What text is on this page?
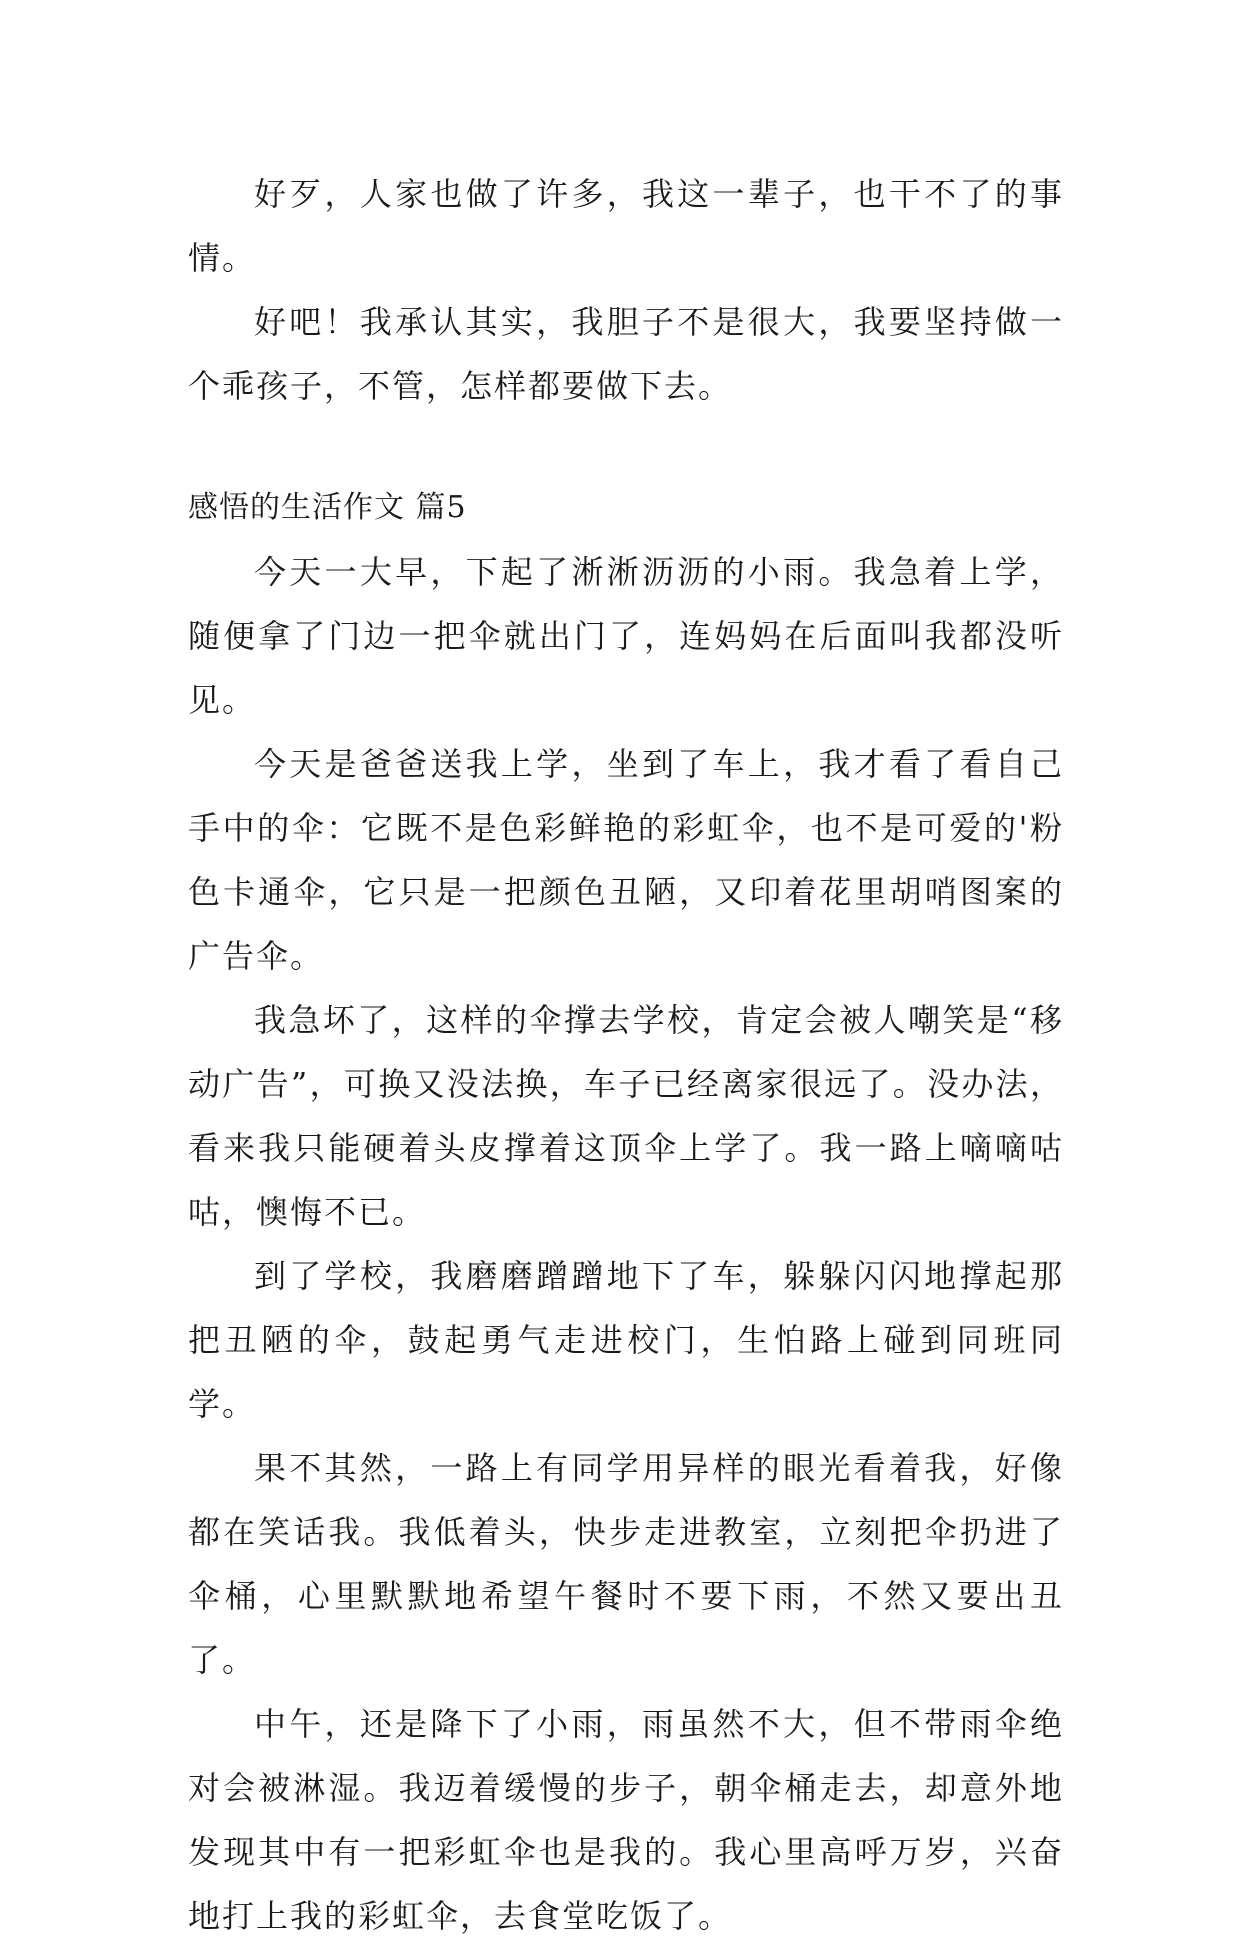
好歹，人家也做了许多，我这一辈子，也干不了的事情。

好吧！我承认其实，我胆子不是很大，我要坚持做一个乖孩子，不管，怎样都要做下去。

感悟的生活作文 篇5

今天一大早，下起了淅淅沥沥的小雨。我急着上学，随便拿了门边一把伞就出门了，连妈妈在后面叫我都没听见。

今天是爸爸送我上学，坐到了车上，我才看了看自己手中的伞：它既不是色彩鲜艳的彩虹伞，也不是可爱的'粉色卡通伞，它只是一把颜色丑陋，又印着花里胡哨图案的广告伞。

我急坏了，这样的伞撑去学校，肯定会被人嘲笑是“移动广告”，可换又没法换，车子已经离家很远了。没办法，看来我只能硬着头皮撑着这顶伞上学了。我一路上嘀嘀咕咕，懊悔不已。

到了学校，我磨磨蹭蹭地下了车，躲躲闪闪地撑起那把丑陋的伞，鼓起勇气走进校门，生怕路上碰到同班同学。

果不其然，一路上有同学用异样的眼光看着我，好像都在笑话我。我低着头，快步走进教室，立刻把伞扔进了伞桶，心里默默地希望午餐时不要下雨，不然又要出丑了。

中午，还是降下了小雨，雨虽然不大，但不带雨伞绝对会被淋湿。我迈着缓慢的步子，朝伞桶走去，却意外地发现其中有一把彩虹伞也是我的。我心里高呼万岁，兴奋地打上我的彩虹伞，去食堂吃饭了。
